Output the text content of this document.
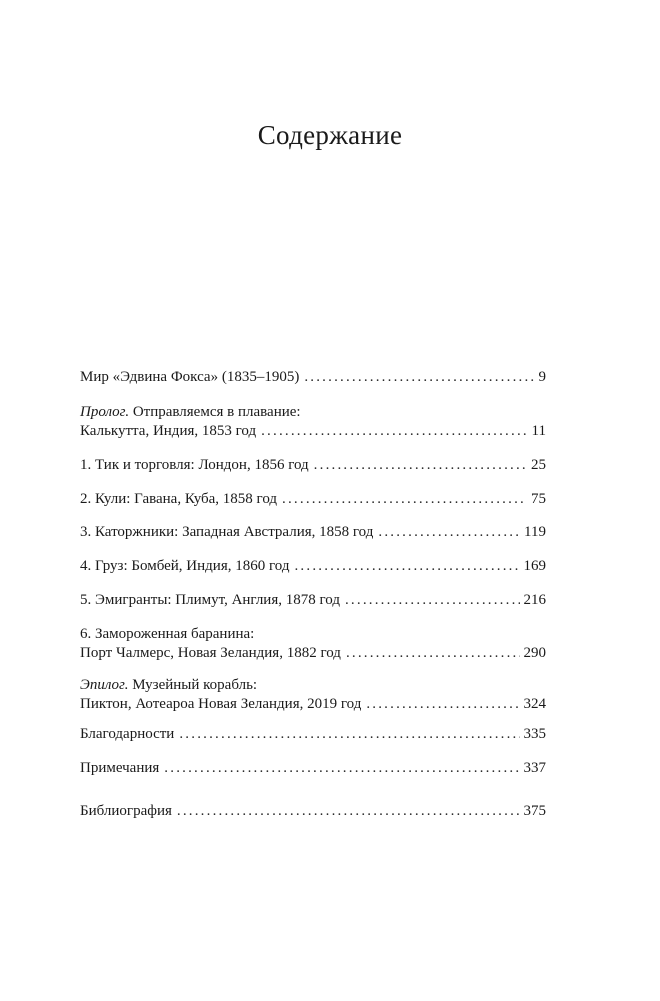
Содержание
Мир «Эдвина Фокса» (1835–1905) .....	9
Пролог. Отправляемся в плавание:
Калькутта, Индия, 1853 год .....	11
1. Тик и торговля: Лондон, 1856 год .....	25
2. Кули: Гавана, Куба, 1858 год .....	75
3. Каторжники: Западная Австралия, 1858 год .....	119
4. Груз: Бомбей, Индия, 1860 год .....	169
5. Эмигранты: Плимут, Англия, 1878 год .....	216
6. Замороженная баранина:
Порт Чалмерс, Новая Зеландия, 1882 год .....	290
Эпилог. Музейный корабль:
Пиктон, Аотеароа Новая Зеландия, 2019 год .....	324
Благодарности .....	335
Примечания .....	337
Библиография .....	375
